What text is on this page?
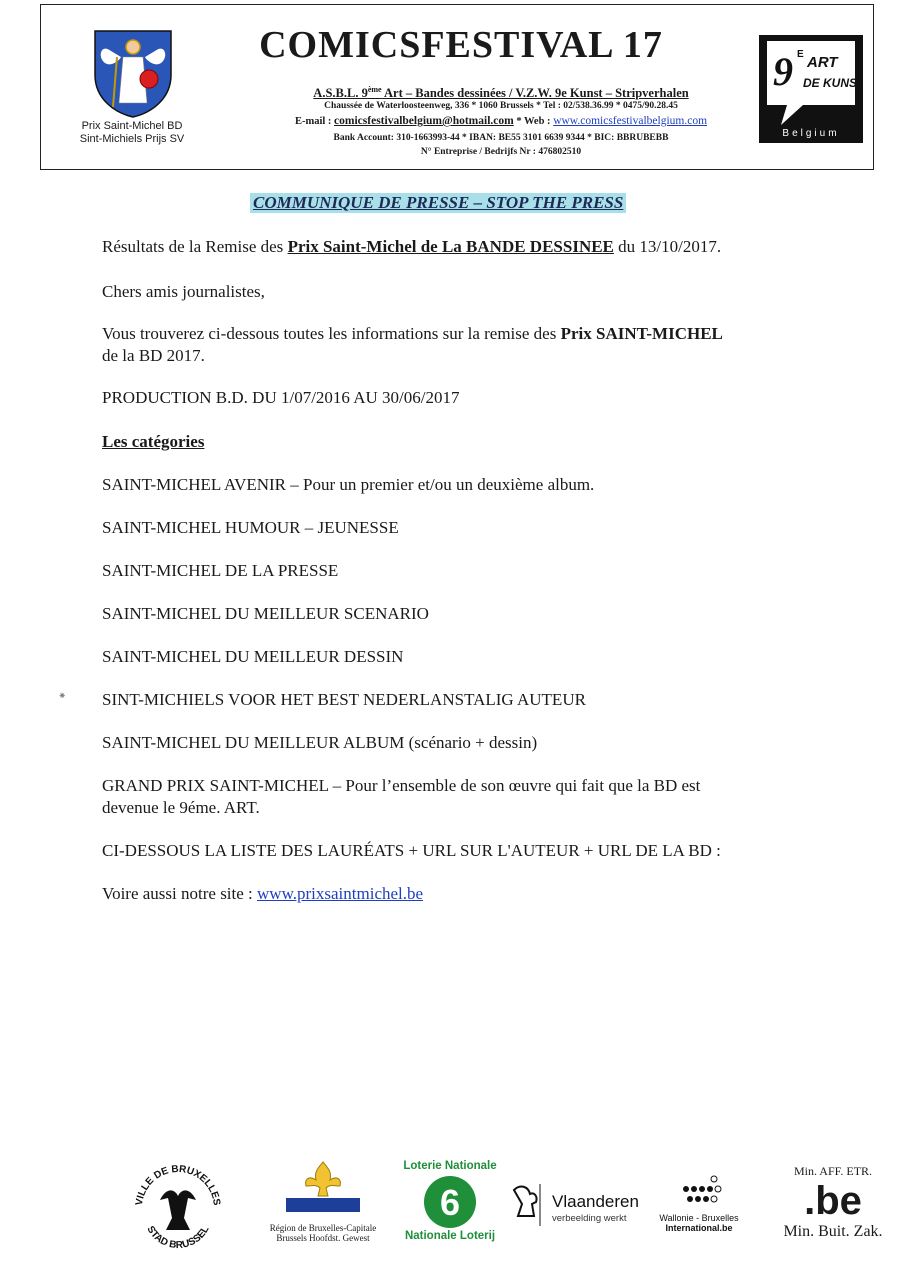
Prix Saint-Michel BD
Sint-Michiels Prijs SV
COMICSFESTIVAL 17
A.S.B.L. 9ème Art – Bandes dessinées / V.Z.W. 9e Kunst – Stripverhalen
Chaussée de Waterloosteenweg, 336 * 1060 Brussels * Tel : 02/538.36.99 * 0475/90.28.45
E-mail : comicsfestivalbelgium@hotmail.com * Web : www.comicsfestivalbelgium.com
Bank Account: 310-1663993-44 * IBAN: BE55 3101 6639 9344 * BIC: BBRUBEBB
N° Entreprise / Bedrijfs Nr : 476802510
9 E ART
DE KUNST
Belgium
COMMUNIQUE DE PRESSE – STOP THE PRESS
Résultats de la Remise des Prix Saint-Michel de La BANDE DESSINEE du 13/10/2017.
Chers amis journalistes,
Vous trouverez ci-dessous toutes les informations sur la remise des Prix SAINT-MICHEL
de la BD 2017.
PRODUCTION B.D. DU 1/07/2016 AU 30/06/2017
Les catégories
SAINT-MICHEL AVENIR – Pour un premier et/ou un deuxième album.
SAINT-MICHEL HUMOUR – JEUNESSE
SAINT-MICHEL DE LA PRESSE
SAINT-MICHEL DU MEILLEUR SCENARIO
SAINT-MICHEL DU MEILLEUR DESSIN
⁕ SINT-MICHIELS VOOR HET BEST NEDERLANSTALIG AUTEUR
SAINT-MICHEL DU MEILLEUR ALBUM (scénario + dessin)
GRAND PRIX SAINT-MICHEL – Pour l’ensemble de son œuvre qui fait que la BD est
devenue le 9éme. ART.
CI-DESSOUS LA LISTE DES LAURÉATS + URL SUR L'AUTEUR + URL DE LA BD :
Voire aussi notre site : www.prixsaintmichel.be
VILLE DE BRUXELLES
STAD BRUSSEL	Région de Bruxelles-Capitale
Brussels Hoofdst. Gewest
Loterie Nationale
6
Nationale Loterij
Vlaanderen
verbeelding werkt	Wallonie - Bruxelles
International.be
Min. AFF. ETR.
.be
Min. Buit. Zak.
